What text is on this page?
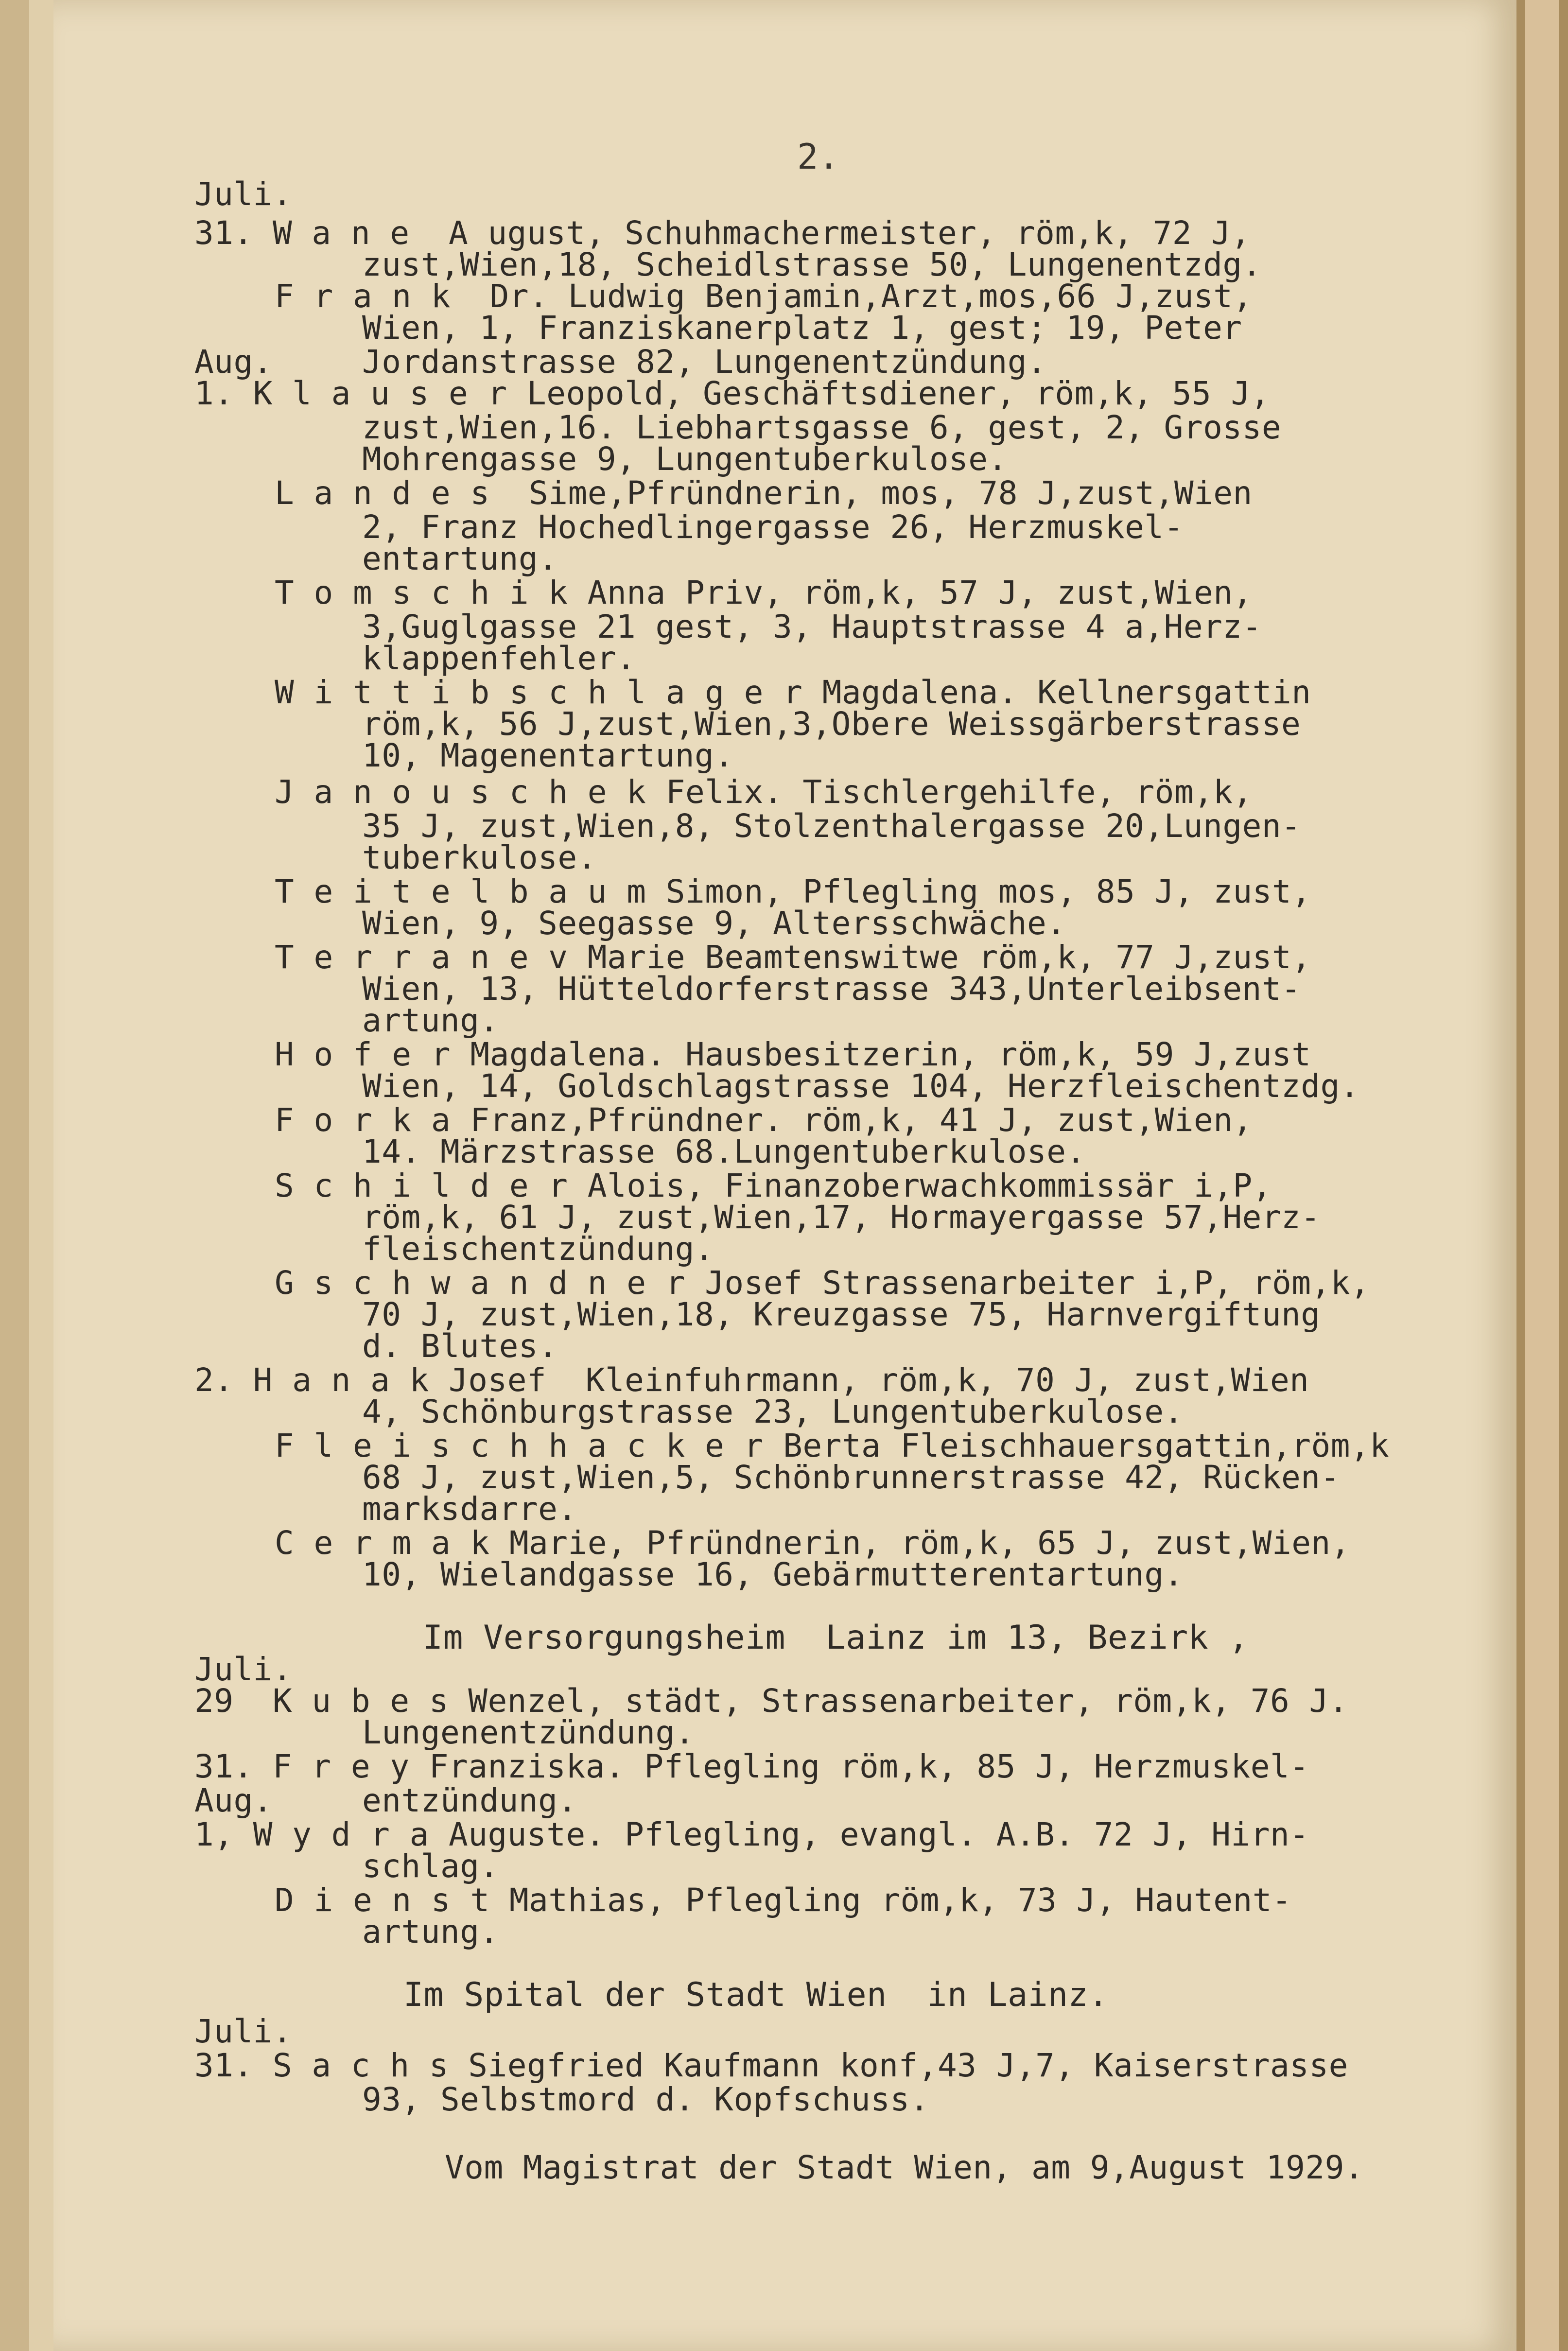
2.
Juli.
31. W a n e  A ugust, Schuhmachermeister, röm,k, 72 J,
zust,Wien,18, Scheidlstrasse 50, Lungenentzdg.
F r a n k  Dr. Ludwig Benjamin,Arzt,mos,66 J,zust,
Wien, 1, Franziskanerplatz 1, gest; 19, Peter
Aug.	Jordanstrasse 82, Lungenentzündung.
1. K l a u s e r Leopold, Geschäftsdiener, röm,k, 55 J,
zust,Wien,16. Liebhartsgasse 6, gest, 2, Grosse
Mohrengasse 9, Lungentuberkulose.
L a n d e s  Sime,Pfründnerin, mos, 78 J,zust,Wien
2, Franz Hochedlingergasse 26, Herzmuskel-
entartung.
T o m s c h i k Anna Priv, röm,k, 57 J, zust,Wien,
3,Guglgasse 21 gest, 3, Hauptstrasse 4 a,Herz-
klappenfehler.
W i t t i b s c h l a g e r Magdalena. Kellnersgattin
röm,k, 56 J,zust,Wien,3,Obere Weissgärberstrasse
10, Magenentartung.
J a n o u s c h e k Felix. Tischlergehilfe, röm,k,
35 J, zust,Wien,8, Stolzenthalergasse 20,Lungen-
tuberkulose.
T e i t e l b a u m Simon, Pflegling mos, 85 J, zust,
Wien, 9, Seegasse 9, Altersschwäche.
T e r r a n e v Marie Beamtenswitwe röm,k, 77 J,zust,
Wien, 13, Hütteldorferstrasse 343,Unterleibsent-
artung.
H o f e r Magdalena. Hausbesitzerin, röm,k, 59 J,zust
Wien, 14, Goldschlagstrasse 104, Herzfleischentzdg.
F o r k a Franz,Pfründner. röm,k, 41 J, zust,Wien,
14. Märzstrasse 68.Lungentuberkulose.
S c h i l d e r Alois, Finanzoberwachkommissär i,P,
röm,k, 61 J, zust,Wien,17, Hormayergasse 57,Herz-
fleischentzündung.
G s c h w a n d n e r Josef Strassenarbeiter i,P, röm,k,
70 J, zust,Wien,18, Kreuzgasse 75, Harnvergiftung
d. Blutes.
2. H a n a k Josef  Kleinfuhrmann, röm,k, 70 J, zust,Wien
4, Schönburgstrasse 23, Lungentuberkulose.
F l e i s c h h a c k e r Berta Fleischhauersgattin,röm,k
68 J, zust,Wien,5, Schönbrunnerstrasse 42, Rücken-
marksdarre.
C e r m a k Marie, Pfründnerin, röm,k, 65 J, zust,Wien,
10, Wielandgasse 16, Gebärmutterentartung.
Im Versorgungsheim  Lainz im 13, Bezirk ,
Juli.
29  K u b e s Wenzel, städt, Strassenarbeiter, röm,k, 76 J.
Lungenentzündung.
31. F r e y Franziska. Pflegling röm,k, 85 J, Herzmuskel-
Aug.	entzündung.
1, W y d r a Auguste. Pflegling, evangl. A.B. 72 J, Hirn-
schlag.
D i e n s t Mathias, Pflegling röm,k, 73 J, Hautent-
artung.
Im Spital der Stadt Wien  in Lainz.
Juli.
31. S a c h s Siegfried Kaufmann konf,43 J,7, Kaiserstrasse
93, Selbstmord d. Kopfschuss.
Vom Magistrat der Stadt Wien, am 9,August 1929.
